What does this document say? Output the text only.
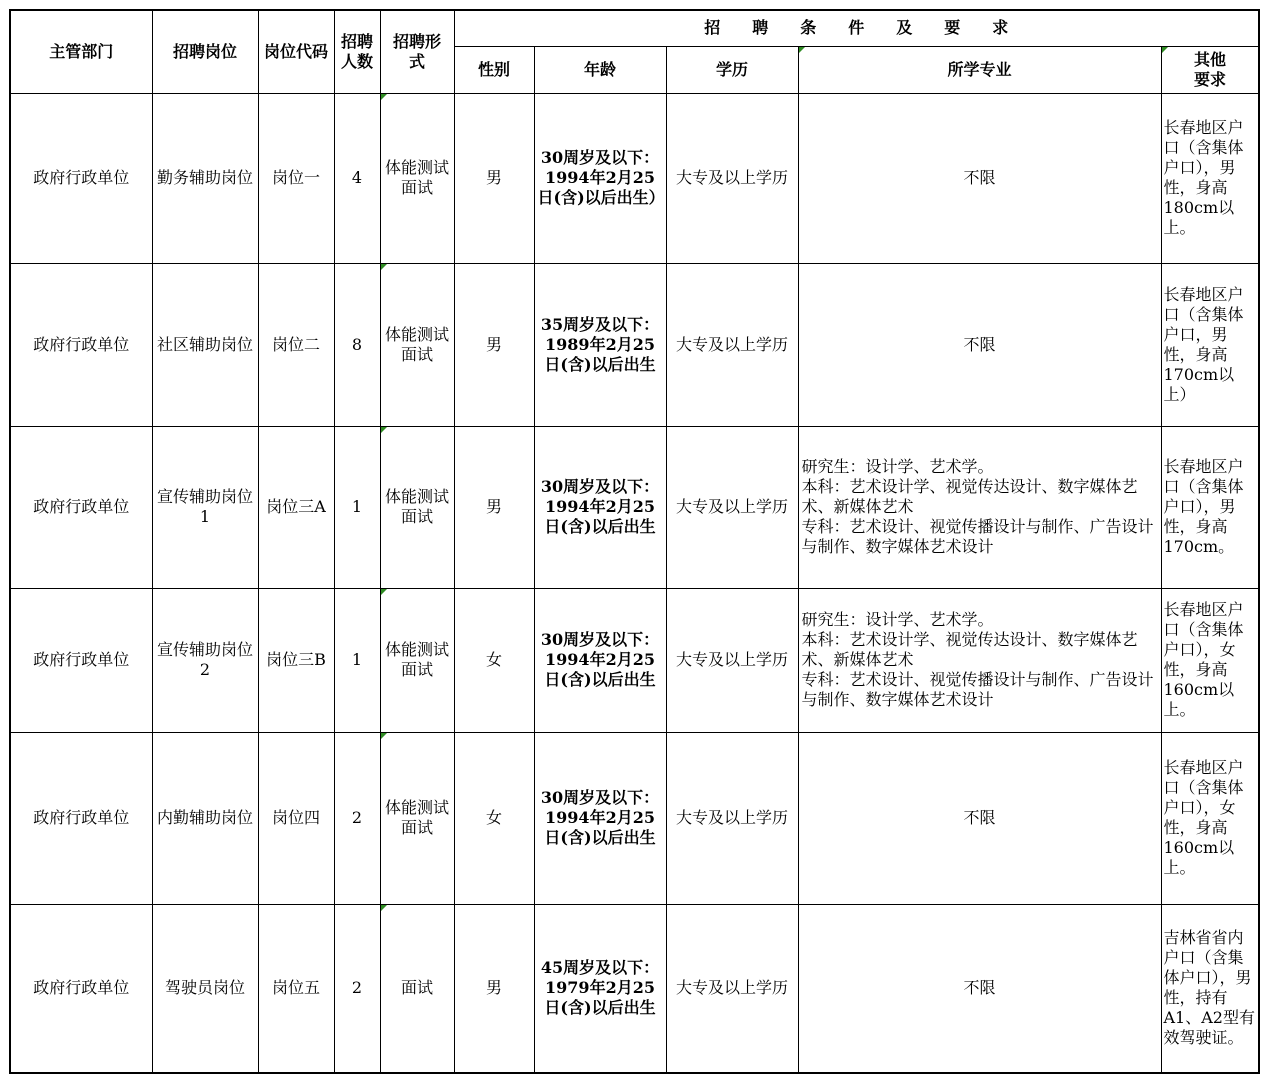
主管部门	招聘岗位	岗位代码	招聘人数	招聘形式	招聘条件及要求				
					性别	年龄	学历	所学专业	其他要求
政府行政单位	勤务辅助岗位	岗位一	4	体能测试面试	男	30周岁及以下：1994年2月25日(含)以后出生）	大专及以上学历	不限	长春地区户口（含集体户口），男性，身高180cm以上。
政府行政单位	社区辅助岗位	岗位二	8	体能测试面试	男	35周岁及以下：1989年2月25日(含)以后出生	大专及以上学历	不限	长春地区户口（含集体户口，男性，身高170cm以上）
政府行政单位	宣传辅助岗位1	岗位三A	1	体能测试面试	男	30周岁及以下：1994年2月25日(含)以后出生	大专及以上学历	研究生：设计学、艺术学。
本科：艺术设计学、视觉传达设计、数字媒体艺术、新媒体艺术
专科：艺术设计、视觉传播设计与制作、广告设计与制作、数字媒体艺术设计	长春地区户口（含集体户口），男性，身高170cm。
政府行政单位	宣传辅助岗位2	岗位三B	1	体能测试面试	女	30周岁及以下：1994年2月25日(含)以后出生	大专及以上学历	研究生：设计学、艺术学。
本科：艺术设计学、视觉传达设计、数字媒体艺术、新媒体艺术
专科：艺术设计、视觉传播设计与制作、广告设计与制作、数字媒体艺术设计	长春地区户口（含集体户口），女性，身高160cm以上。
政府行政单位	内勤辅助岗位	岗位四	2	体能测试面试	女	30周岁及以下：1994年2月25日(含)以后出生	大专及以上学历	不限	长春地区户口（含集体户口），女性，身高160cm以上。
政府行政单位	驾驶员岗位	岗位五	2	面试	男	45周岁及以下：1979年2月25日(含)以后出生	大专及以上学历	不限	吉林省省内户口（含集体户口），男性，持有A1、A2型有效驾驶证。
